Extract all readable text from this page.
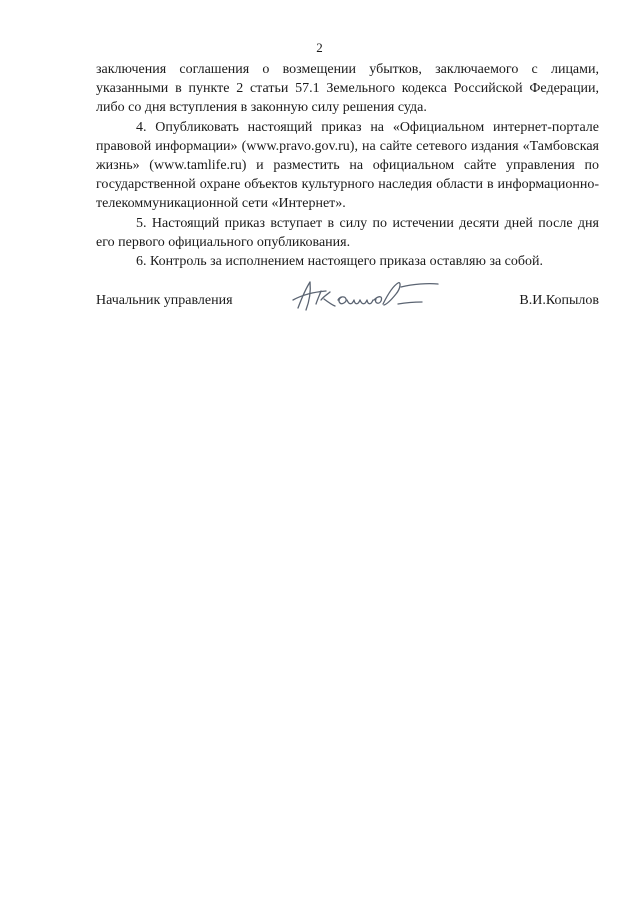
2

заключения соглашения о возмещении убытков, заключаемого с лицами, указанными в пункте 2 статьи 57.1 Земельного кодекса Российской Федерации, либо со дня вступления в законную силу решения суда.

4. Опубликовать настоящий приказ на «Официальном интернет-портале правовой информации» (www.pravo.gov.ru), на сайте сетевого издания «Тамбовская жизнь» (www.tamlife.ru) и разместить на официальном сайте управления по государственной охране объектов культурного наследия области в информационно-телекоммуникационной сети «Интернет».

5. Настоящий приказ вступает в силу по истечении десяти дней после дня его первого официального опубликования.

6. Контроль за исполнением настоящего приказа оставляю за собой.

Начальник управления	В.И.Копылов
